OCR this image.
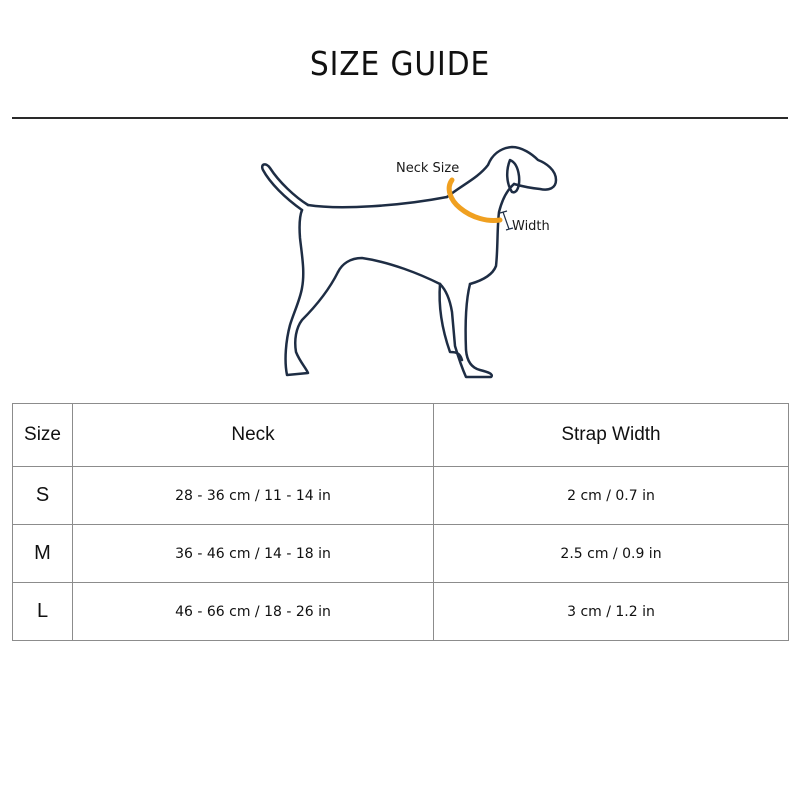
SIZE GUIDE
Neck Size
Width
Size	Neck	Strap Width
S	28 - 36 cm / 11 - 14 in	2 cm / 0.7 in
M	36 - 46 cm / 14 - 18 in	2.5 cm / 0.9 in
L	46 - 66 cm / 18 - 26 in	3 cm / 1.2 in
